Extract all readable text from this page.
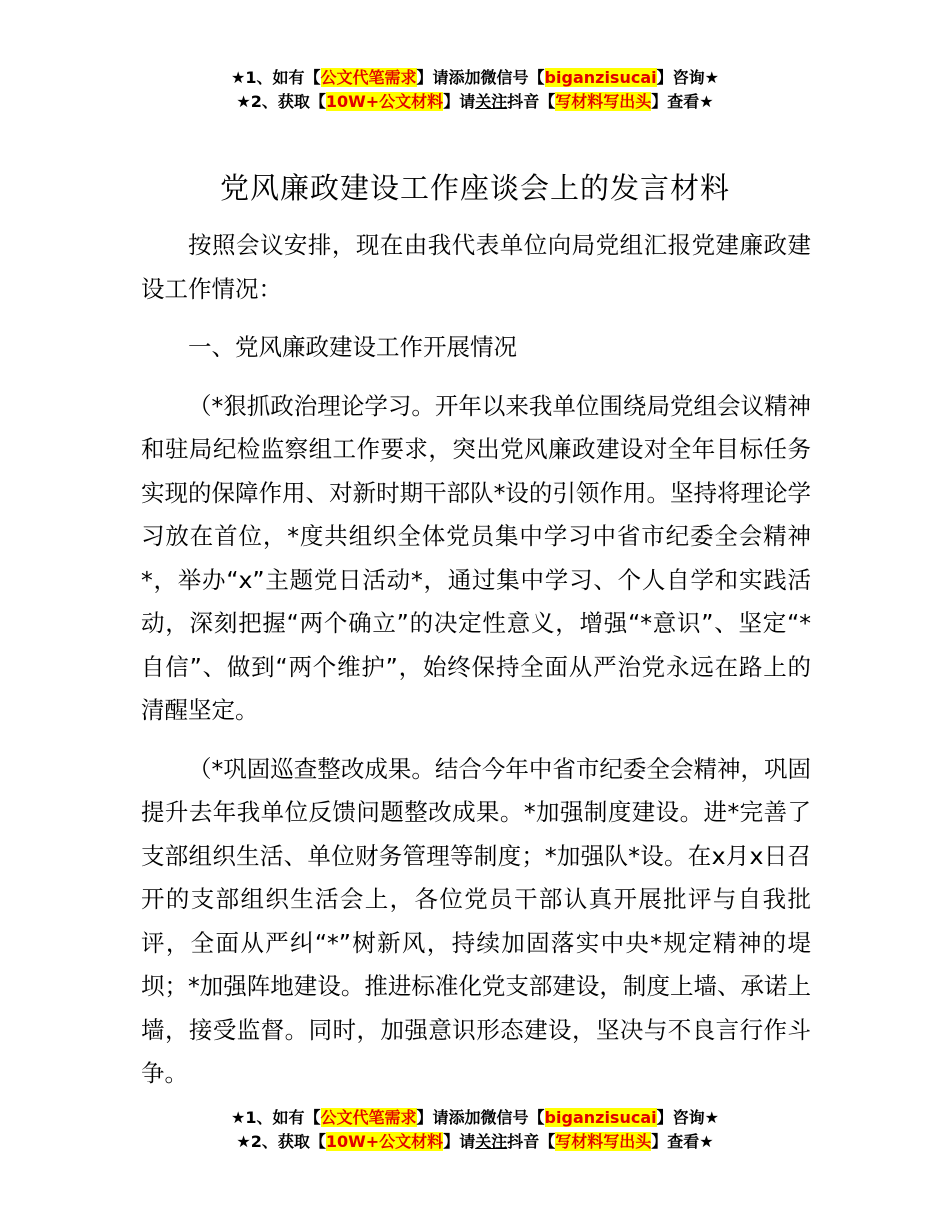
★1、如有【公文代笔需求】请添加微信号【biganzisucai】咨询★
★2、获取【10W+公文材料】请关注抖音【写材料写出头】查看★
党风廉政建设工作座谈会上的发言材料

按照会议安排，现在由我代表单位向局党组汇报党建廉政建设工作情况：

一、党风廉政建设工作开展情况

（*狠抓政治理论学习。开年以来我单位围绕局党组会议精神和驻局纪检监察组工作要求，突出党风廉政建设对全年目标任务实现的保障作用、对新时期干部队*设的引领作用。坚持将理论学习放在首位，*度共组织全体党员集中学习中省市纪委全会精神*，举办“x”主题党日活动*，通过集中学习、个人自学和实践活动，深刻把握“两个确立”的决定性意义，增强“*意识”、坚定“*自信”、做到“两个维护”，始终保持全面从严治党永远在路上的清醒坚定。

（*巩固巡查整改成果。结合今年中省市纪委全会精神，巩固提升去年我单位反馈问题整改成果。*加强制度建设。进*完善了支部组织生活、单位财务管理等制度；*加强队*设。在x月x日召开的支部组织生活会上，各位党员干部认真开展批评与自我批评，全面从严纠“*”树新风，持续加固落实中央*规定精神的堤坝；*加强阵地建设。推进标准化党支部建设，制度上墙、承诺上墙，接受监督。同时，加强意识形态建设，坚决与不良言行作斗争。

★1、如有【公文代笔需求】请添加微信号【biganzisucai】咨询★
★2、获取【10W+公文材料】请关注抖音【写材料写出头】查看★
